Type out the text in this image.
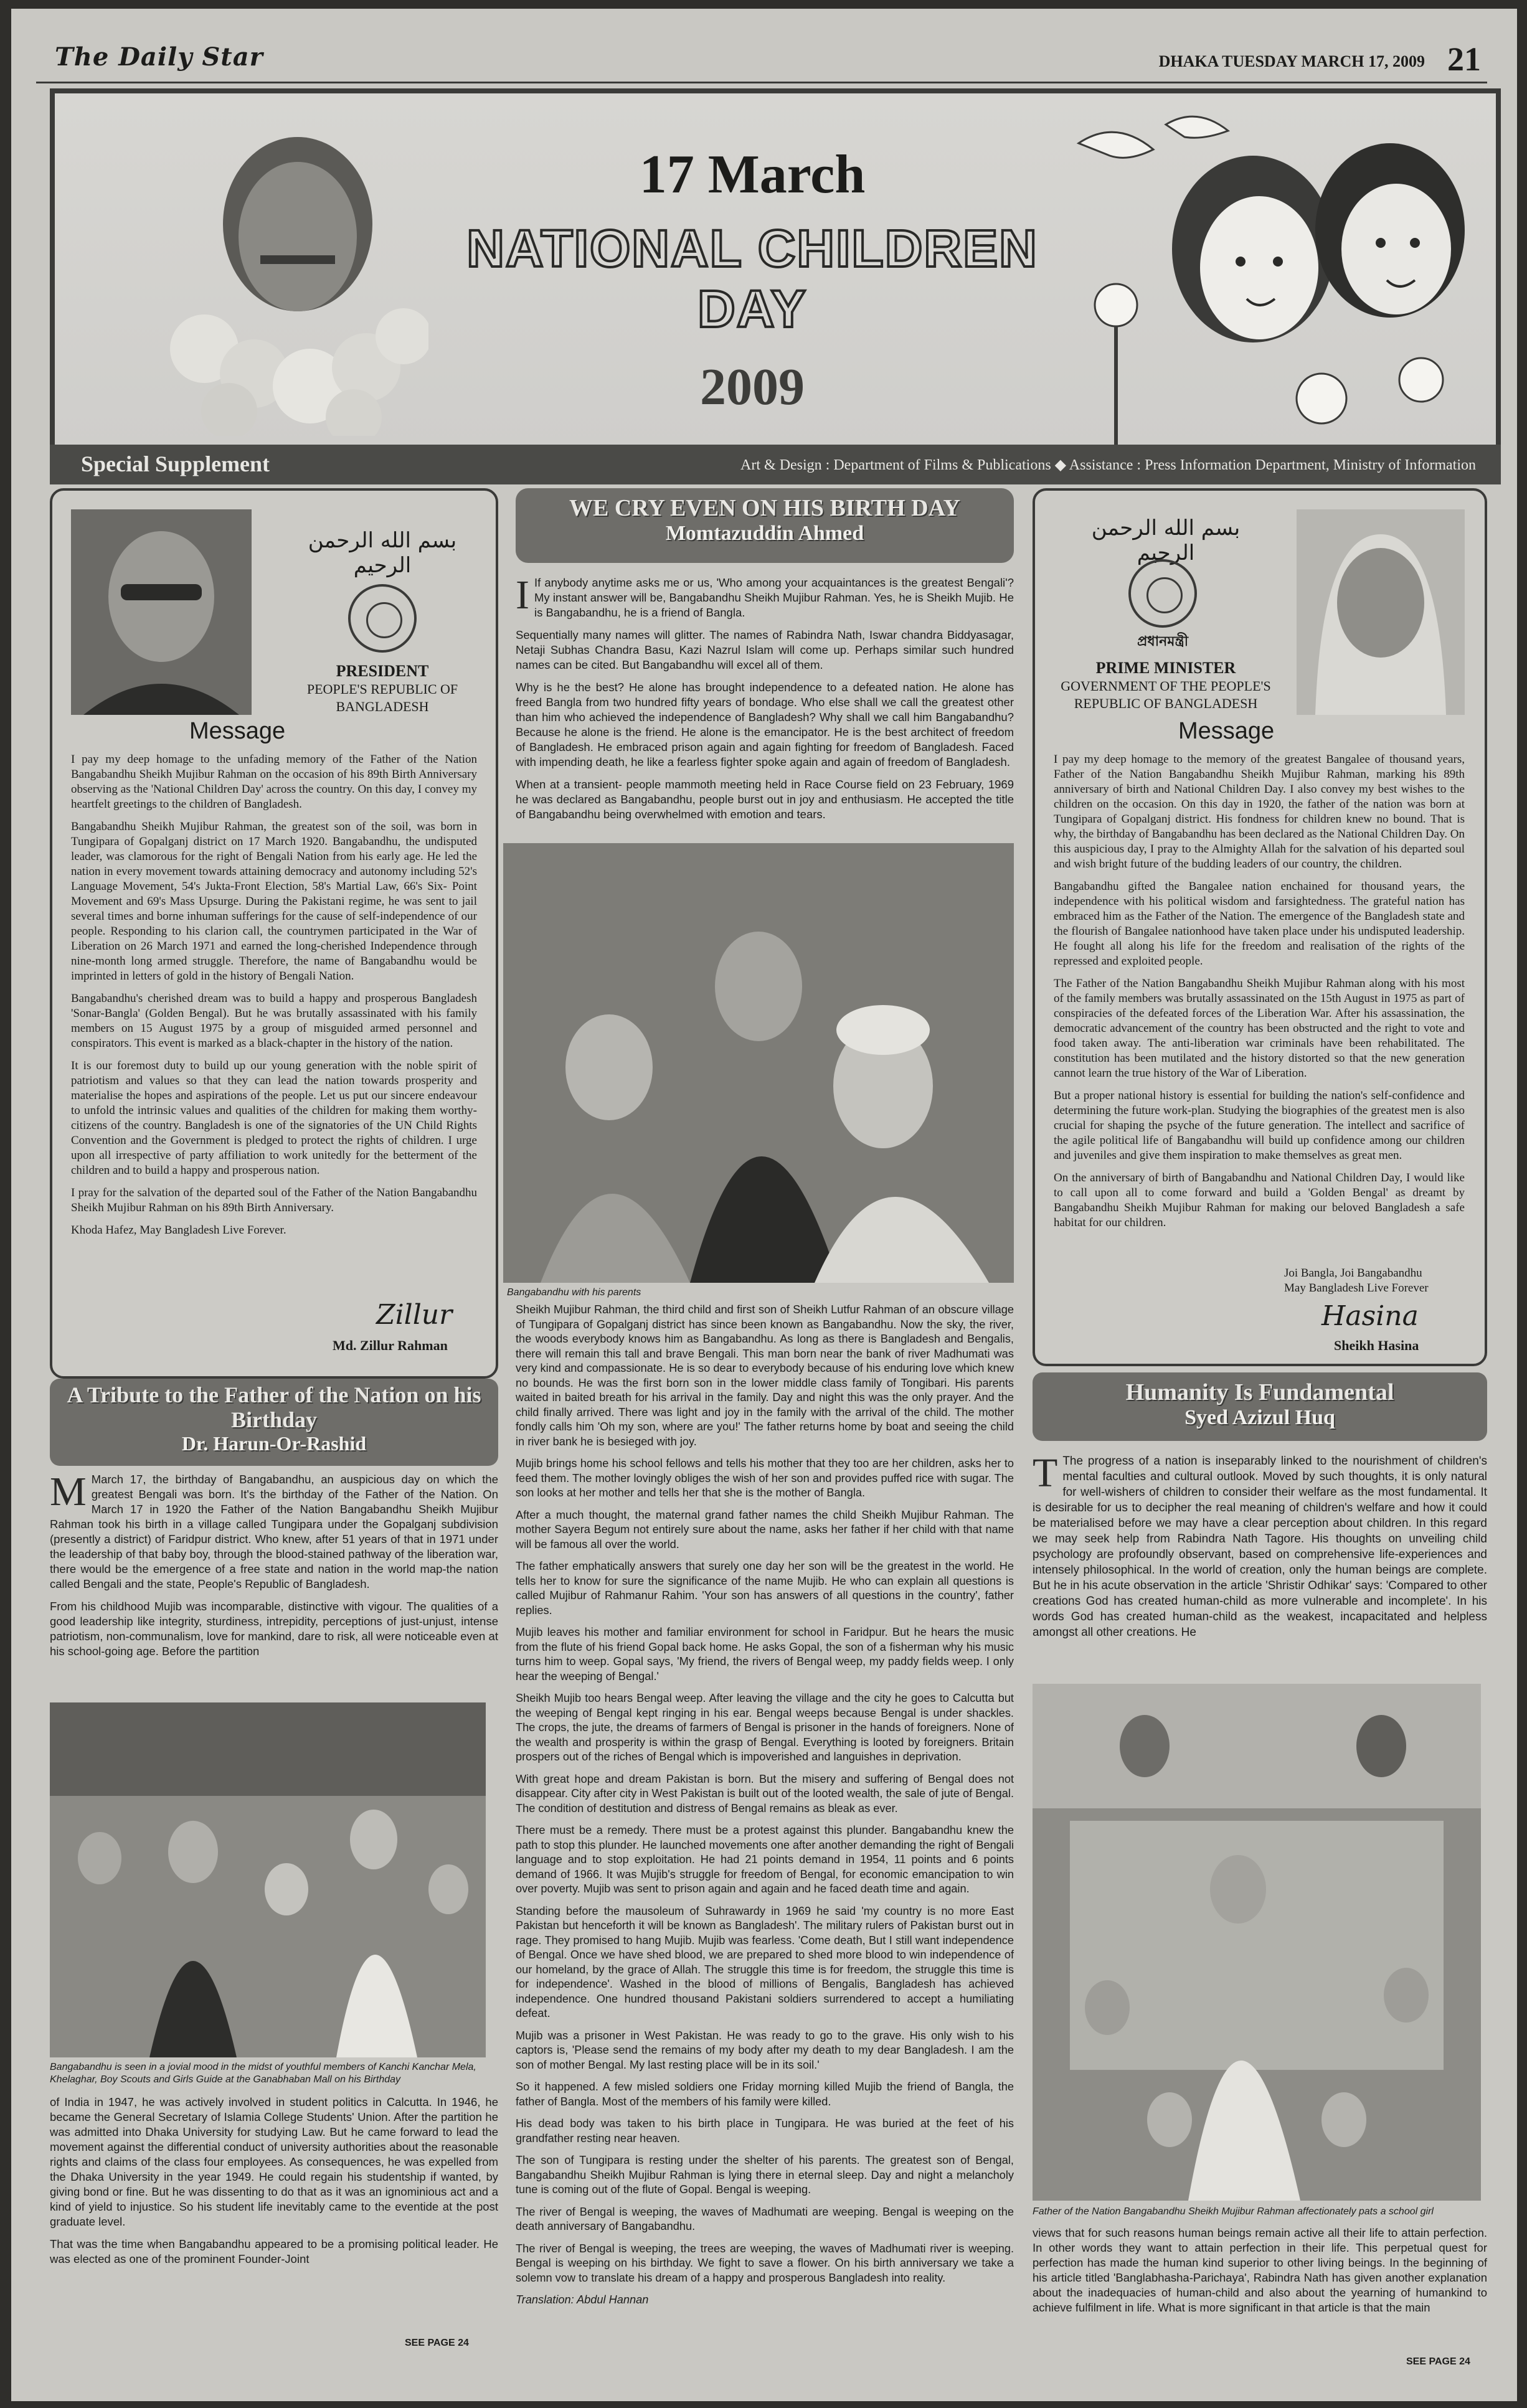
The Daily Star	DHAKA TUESDAY MARCH 17, 2009 21
17 March
NATIONAL CHILDREN DAY
2009
Special Supplement	Art & Design : Department of Films & Publications ◆ Assistance : Press Information Department, Ministry of Information
بسم الله الرحمن الرحيم
PRESIDENT
PEOPLE'S REPUBLIC OF BANGLADESH
Message

I pay my deep homage to the unfading memory of the Father of the Nation Bangabandhu Sheikh Mujibur Rahman on the occasion of his 89th Birth Anniversary observing as the 'National Children Day' across the country. On this day, I convey my heartfelt greetings to the children of Bangladesh.

Bangabandhu Sheikh Mujibur Rahman, the greatest son of the soil, was born in Tungipara of Gopalganj district on 17 March 1920. Bangabandhu, the undisputed leader, was clamorous for the right of Bengali Nation from his early age. He led the nation in every movement towards attaining democracy and autonomy including 52's Language Movement, 54's Jukta-Front Election, 58's Martial Law, 66's Six- Point Movement and 69's Mass Upsurge. During the Pakistani regime, he was sent to jail several times and borne inhuman sufferings for the cause of self-independence of our people. Responding to his clarion call, the countrymen participated in the War of Liberation on 26 March 1971 and earned the long-cherished Independence through nine-month long armed struggle. Therefore, the name of Bangabandhu would be imprinted in letters of gold in the history of Bengali Nation.

Bangabandhu's cherished dream was to build a happy and prosperous Bangladesh 'Sonar-Bangla' (Golden Bengal). But he was brutally assassinated with his family members on 15 August 1975 by a group of misguided armed personnel and conspirators. This event is marked as a black-chapter in the history of the nation.

It is our foremost duty to build up our young generation with the noble spirit of patriotism and values so that they can lead the nation towards prosperity and materialise the hopes and aspirations of the people. Let us put our sincere endeavour to unfold the intrinsic values and qualities of the children for making them worthy-citizens of the country. Bangladesh is one of the signatories of the UN Child Rights Convention and the Government is pledged to protect the rights of children. I urge upon all irrespective of party affiliation to work unitedly for the betterment of the children and to build a happy and prosperous nation.

I pray for the salvation of the departed soul of the Father of the Nation Bangabandhu Sheikh Mujibur Rahman on his 89th Birth Anniversary.

Khoda Hafez, May Bangladesh Live Forever.

Zillur
Md. Zillur Rahman
WE CRY EVEN ON HIS BIRTH DAY
Momtazuddin Ahmed

I If anybody anytime asks me or us, 'Who among your acquaintances is the greatest Bengali'? My instant answer will be, Bangabandhu Sheikh Mujibur Rahman. Yes, he is Sheikh Mujib. He is Bangabandhu, he is a friend of Bangla.

Sequentially many names will glitter. The names of Rabindra Nath, Iswar chandra Biddyasagar, Netaji Subhas Chandra Basu, Kazi Nazrul Islam will come up. Perhaps similar such hundred names can be cited. But Bangabandhu will excel all of them.

Why is he the best? He alone has brought independence to a defeated nation. He alone has freed Bangla from two hundred fifty years of bondage. Who else shall we call the greatest other than him who achieved the independence of Bangladesh? Why shall we call him Bangabandhu? Because he alone is the friend. He alone is the emancipator. He is the best architect of freedom of Bangladesh. He embraced prison again and again fighting for freedom of Bangladesh. Faced with impending death, he like a fearless fighter spoke again and again of freedom of Bangladesh.

When at a transient- people mammoth meeting held in Race Course field on 23 February, 1969 he was declared as Bangabandhu, people burst out in joy and enthusiasm. He accepted the title of Bangabandhu being overwhelmed with emotion and tears.

Bangabandhu with his parents

Sheikh Mujibur Rahman, the third child and first son of Sheikh Lutfur Rahman of an obscure village of Tungipara of Gopalganj district has since been known as Bangabandhu. Now the sky, the river, the woods everybody knows him as Bangabandhu. As long as there is Bangladesh and Bengalis, there will remain this tall and brave Bengali. This man born near the bank of river Madhumati was very kind and compassionate. He is so dear to everybody because of his enduring love which knew no bounds. He was the first born son in the lower middle class family of Tongibari. His parents waited in baited breath for his arrival in the family. Day and night this was the only prayer. And the child finally arrived. There was light and joy in the family with the arrival of the child. The mother fondly calls him 'Oh my son, where are you!' The father returns home by boat and seeing the child in river bank he is besieged with joy.

Mujib brings home his school fellows and tells his mother that they too are her children, asks her to feed them. The mother lovingly obliges the wish of her son and provides puffed rice with sugar. The son looks at her mother and tells her that she is the mother of Bangla.

After a much thought, the maternal grand father names the child Sheikh Mujibur Rahman. The mother Sayera Begum not entirely sure about the name, asks her father if her child with that name will be famous all over the world.

The father emphatically answers that surely one day her son will be the greatest in the world. He tells her to know for sure the significance of the name Mujib. He who can explain all questions is called Mujibur of Rahmanur Rahim. 'Your son has answers of all questions in the country', father replies.

Mujib leaves his mother and familiar environment for school in Faridpur. But he hears the music from the flute of his friend Gopal back home. He asks Gopal, the son of a fisherman why his music turns him to weep. Gopal says, 'My friend, the rivers of Bengal weep, my paddy fields weep. I only hear the weeping of Bengal.'

Sheikh Mujib too hears Bengal weep. After leaving the village and the city he goes to Calcutta but the weeping of Bengal kept ringing in his ear. Bengal weeps because Bengal is under shackles. The crops, the jute, the dreams of farmers of Bengal is prisoner in the hands of foreigners. None of the wealth and prosperity is within the grasp of Bengal. Everything is looted by foreigners. Britain prospers out of the riches of Bengal which is impoverished and languishes in deprivation.

With great hope and dream Pakistan is born. But the misery and suffering of Bengal does not disappear. City after city in West Pakistan is built out of the looted wealth, the sale of jute of Bengal. The condition of destitution and distress of Bengal remains as bleak as ever.

There must be a remedy. There must be a protest against this plunder. Bangabandhu knew the path to stop this plunder. He launched movements one after another demanding the right of Bengali language and to stop exploitation. He had 21 points demand in 1954, 11 points and 6 points demand of 1966. It was Mujib's struggle for freedom of Bengal, for economic emancipation to win over poverty. Mujib was sent to prison again and again and he faced death time and again.

Standing before the mausoleum of Suhrawardy in 1969 he said 'my country is no more East Pakistan but henceforth it will be known as Bangladesh'. The military rulers of Pakistan burst out in rage. They promised to hang Mujib. Mujib was fearless. 'Come death, But I still want independence of Bengal. Once we have shed blood, we are prepared to shed more blood to win independence of our homeland, by the grace of Allah. The struggle this time is for freedom, the struggle this time is for independence'. Washed in the blood of millions of Bengalis, Bangladesh has achieved independence. One hundred thousand Pakistani soldiers surrendered to accept a humiliating defeat.

Mujib was a prisoner in West Pakistan. He was ready to go to the grave. His only wish to his captors is, 'Please send the remains of my body after my death to my dear Bangladesh. I am the son of mother Bengal. My last resting place will be in its soil.'

So it happened. A few misled soldiers one Friday morning killed Mujib the friend of Bangla, the father of Bangla. Most of the members of his family were killed.

His dead body was taken to his birth place in Tungipara. He was buried at the feet of his grandfather resting near heaven.

The son of Tungipara is resting under the shelter of his parents. The greatest son of Bengal, Bangabandhu Sheikh Mujibur Rahman is lying there in eternal sleep. Day and night a melancholy tune is coming out of the flute of Gopal. Bengal is weeping.

The river of Bengal is weeping, the waves of Madhumati are weeping. Bengal is weeping on the death anniversary of Bangabandhu.

The river of Bengal is weeping, the trees are weeping, the waves of Madhumati river is weeping. Bengal is weeping on his birthday. We fight to save a flower. On his birth anniversary we take a solemn vow to translate his dream of a happy and prosperous Bangladesh into reality.

Translation: Abdul Hannan

بسم الله الرحمن الرحيم
প্রধানমন্ত্রী
PRIME MINISTER
GOVERNMENT OF THE PEOPLE'S REPUBLIC OF BANGLADESH
Message

I pay my deep homage to the memory of the greatest Bangalee of thousand years, Father of the Nation Bangabandhu Sheikh Mujibur Rahman, marking his 89th anniversary of birth and National Children Day. I also convey my best wishes to the children on the occasion. On this day in 1920, the father of the nation was born at Tungipara of Gopalganj district. His fondness for children knew no bound. That is why, the birthday of Bangabandhu has been declared as the National Children Day. On this auspicious day, I pray to the Almighty Allah for the salvation of his departed soul and wish bright future of the budding leaders of our country, the children.

Bangabandhu gifted the Bangalee nation enchained for thousand years, the independence with his political wisdom and farsightedness. The grateful nation has embraced him as the Father of the Nation. The emergence of the Bangladesh state and the flourish of Bangalee nationhood have taken place under his undisputed leadership. He fought all along his life for the freedom and realisation of the rights of the repressed and exploited people.

The Father of the Nation Bangabandhu Sheikh Mujibur Rahman along with his most of the family members was brutally assassinated on the 15th August in 1975 as part of conspiracies of the defeated forces of the Liberation War. After his assassination, the democratic advancement of the country has been obstructed and the right to vote and food taken away. The anti-liberation war criminals have been rehabilitated. The constitution has been mutilated and the history distorted so that the new generation cannot learn the true history of the War of Liberation.

But a proper national history is essential for building the nation's self-confidence and determining the future work-plan. Studying the biographies of the greatest men is also crucial for shaping the psyche of the future generation. The intellect and sacrifice of the agile political life of Bangabandhu will build up confidence among our children and juveniles and give them inspiration to make themselves as great men.

On the anniversary of birth of Bangabandhu and National Children Day, I would like to call upon all to come forward and build a 'Golden Bengal' as dreamt by Bangabandhu Sheikh Mujibur Rahman for making our beloved Bangladesh a safe habitat for our children.

Joi Bangla, Joi Bangabandhu
May Bangladesh Live Forever
Hasina
Sheikh Hasina
A Tribute to the Father of the Nation on his Birthday
Dr. Harun-Or-Rashid

M March 17, the birthday of Bangabandhu, an auspicious day on which the greatest Bengali was born. It's the birthday of the Father of the Nation. On March 17 in 1920 the Father of the Nation Bangabandhu Sheikh Mujibur Rahman took his birth in a village called Tungipara under the Gopalganj subdivision (presently a district) of Faridpur district. Who knew, after 51 years of that in 1971 under the leadership of that baby boy, through the blood-stained pathway of the liberation war, there would be the emergence of a free state and nation in the world map-the nation called Bengali and the state, People's Republic of Bangladesh.

From his childhood Mujib was incomparable, distinctive with vigour. The qualities of a good leadership like integrity, sturdiness, intrepidity, perceptions of just-unjust, intense patriotism, non-communalism, love for mankind, dare to risk, all were noticeable even at his school-going age. Before the partition

Bangabandhu is seen in a jovial mood in the midst of youthful members of Kanchi Kanchar Mela, Khelaghar, Boy Scouts and Girls Guide at the Ganabhaban Mall on his Birthday

of India in 1947, he was actively involved in student politics in Calcutta. In 1946, he became the General Secretary of Islamia College Students' Union. After the partition he was admitted into Dhaka University for studying Law. But he came forward to lead the movement against the differential conduct of university authorities about the reasonable rights and claims of the class four employees. As consequences, he was expelled from the Dhaka University in the year 1949. He could regain his studentship if wanted, by giving bond or fine. But he was dissenting to do that as it was an ignominious act and a kind of yield to injustice. So his student life inevitably came to the eventide at the post graduate level.

That was the time when Bangabandhu appeared to be a promising political leader. He was elected as one of the prominent Founder-Joint

SEE PAGE 24
Humanity Is Fundamental
Syed Azizul Huq

T The progress of a nation is inseparably linked to the nourishment of children's mental faculties and cultural outlook. Moved by such thoughts, it is only natural for well-wishers of children to consider their welfare as the most fundamental. It is desirable for us to decipher the real meaning of children's welfare and how it could be materialised before we may have a clear perception about children. In this regard we may seek help from Rabindra Nath Tagore. His thoughts on unveiling child psychology are profoundly observant, based on comprehensive life-experiences and intensely philosophical. In the world of creation, only the human beings are complete. But he in his acute observation in the article 'Shristir Odhikar' says: 'Compared to other creations God has created human-child as more vulnerable and incomplete'. In his words God has created human-child as the weakest, incapacitated and helpless amongst all other creations. He

Father of the Nation Bangabandhu Sheikh Mujibur Rahman affectionately pats a school girl

views that for such reasons human beings remain active all their life to attain perfection. In other words they want to attain perfection in their life. This perpetual quest for perfection has made the human kind superior to other living beings. In the beginning of his article titled 'Banglabhasha-Parichaya', Rabindra Nath has given another explanation about the inadequacies of human-child and also about the yearning of humankind to achieve fulfilment in life. What is more significant in that article is that the main

SEE PAGE 24
